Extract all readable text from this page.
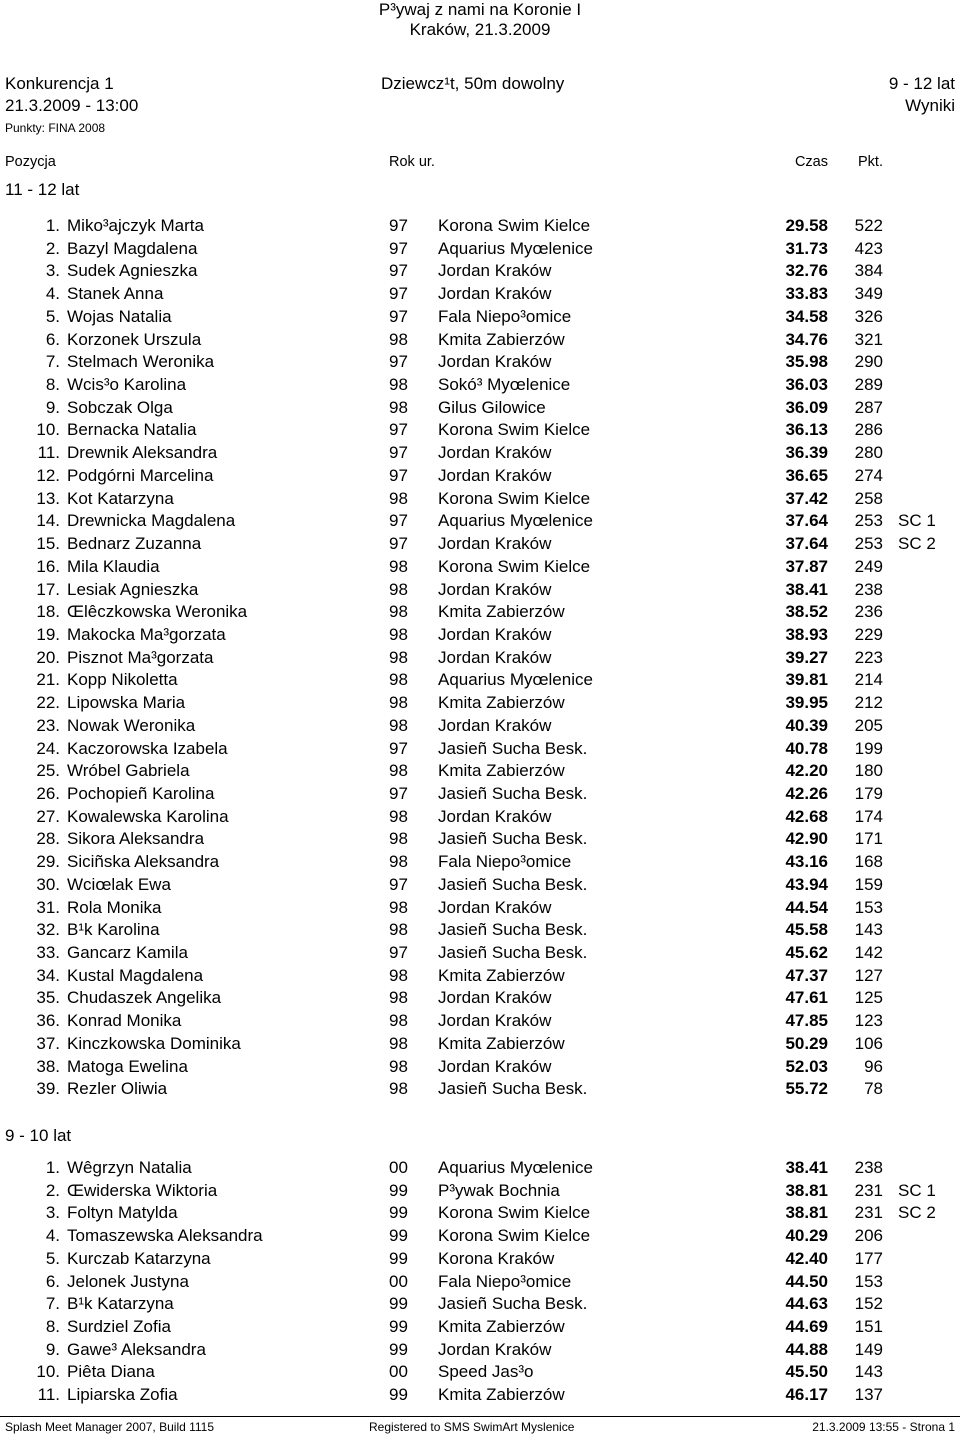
P³ywaj z nami na Koronie I
Kraków, 21.3.2009
Konkurencja 1
21.3.2009 - 13:00
Punkty: FINA 2008
Dziewcz¹t, 50m dowolny	9 - 12 lat
Wyniki
Pozycja	Rok ur.	Czas	Pkt.
11 - 12 lat
1. Miko³ajczyk Marta	97 Korona Swim Kielce	29.58	522
2. Bazyl Magdalena	97 Aquarius Myœlenice	31.73	423
3. Sudek Agnieszka	97 Jordan Kraków	32.76	384
4. Stanek Anna	97 Jordan Kraków	33.83	349
5. Wojas Natalia	97 Fala Niepo³omice	34.58	326
6. Korzonek Urszula	98 Kmita Zabierzów	34.76	321
7. Stelmach Weronika	97 Jordan Kraków	35.98	290
8. Wcis³o Karolina	98 Sokó³ Myœlenice	36.03	289
9. Sobczak Olga	98 Gilus Gilowice	36.09	287
10. Bernacka Natalia	97 Korona Swim Kielce	36.13	286
11. Drewnik Aleksandra	97 Jordan Kraków	36.39	280
12. Podgórni Marcelina	97 Jordan Kraków	36.65	274
13. Kot Katarzyna	98 Korona Swim Kielce	37.42	258
14. Drewnicka Magdalena	97 Aquarius Myœlenice	37.64	253 SC 1
15. Bednarz Zuzanna	97 Jordan Kraków	37.64	253 SC 2
16. Mila Klaudia	98 Korona Swim Kielce	37.87	249
17. Lesiak Agnieszka	98 Jordan Kraków	38.41	238
18. Œlêczkowska Weronika	98 Kmita Zabierzów	38.52	236
19. Makocka Ma³gorzata	98 Jordan Kraków	38.93	229
20. Pisznot Ma³gorzata	98 Jordan Kraków	39.27	223
21. Kopp Nikoletta	98 Aquarius Myœlenice	39.81	214
22. Lipowska Maria	98 Kmita Zabierzów	39.95	212
23. Nowak Weronika	98 Jordan Kraków	40.39	205
24. Kaczorowska Izabela	97 Jasieñ Sucha Besk.	40.78	199
25. Wróbel Gabriela	98 Kmita Zabierzów	42.20	180
26. Pochopieñ Karolina	97 Jasieñ Sucha Besk.	42.26	179
27. Kowalewska Karolina	98 Jordan Kraków	42.68	174
28. Sikora Aleksandra	98 Jasieñ Sucha Besk.	42.90	171
29. Siciñska Aleksandra	98 Fala Niepo³omice	43.16	168
30. Wciœlak Ewa	97 Jasieñ Sucha Besk.	43.94	159
31. Rola Monika	98 Jordan Kraków	44.54	153
32. B¹k Karolina	98 Jasieñ Sucha Besk.	45.58	143
33. Gancarz Kamila	97 Jasieñ Sucha Besk.	45.62	142
34. Kustal Magdalena	98 Kmita Zabierzów	47.37	127
35. Chudaszek Angelika	98 Jordan Kraków	47.61	125
36. Konrad Monika	98 Jordan Kraków	47.85	123
37. Kinczkowska Dominika	98 Kmita Zabierzów	50.29	106
38. Matoga Ewelina	98 Jordan Kraków	52.03	96
39. Rezler Oliwia	98 Jasieñ Sucha Besk.	55.72	78
9 - 10 lat
1. Wêgrzyn Natalia	00 Aquarius Myœlenice	38.41	238
2. Œwiderska Wiktoria	99 P³ywak Bochnia	38.81	231 SC 1
3. Foltyn Matylda	99 Korona Swim Kielce	38.81	231 SC 2
4. Tomaszewska Aleksandra	99 Korona Swim Kielce	40.29	206
5. Kurczab Katarzyna	99 Korona Kraków	42.40	177
6. Jelonek Justyna	00 Fala Niepo³omice	44.50	153
7. B¹k Katarzyna	99 Jasieñ Sucha Besk.	44.63	152
8. Surdziel Zofia	99 Kmita Zabierzów	44.69	151
9. Gawe³ Aleksandra	99 Jordan Kraków	44.88	149
10. Piêta Diana	00 Speed Jas³o	45.50	143
11. Lipiarska Zofia	99 Kmita Zabierzów	46.17	137
Splash Meet Manager 2007, Build 1115	Registered to SMS SwimArt Myslenice	21.3.2009 13:55 - Strona 1
